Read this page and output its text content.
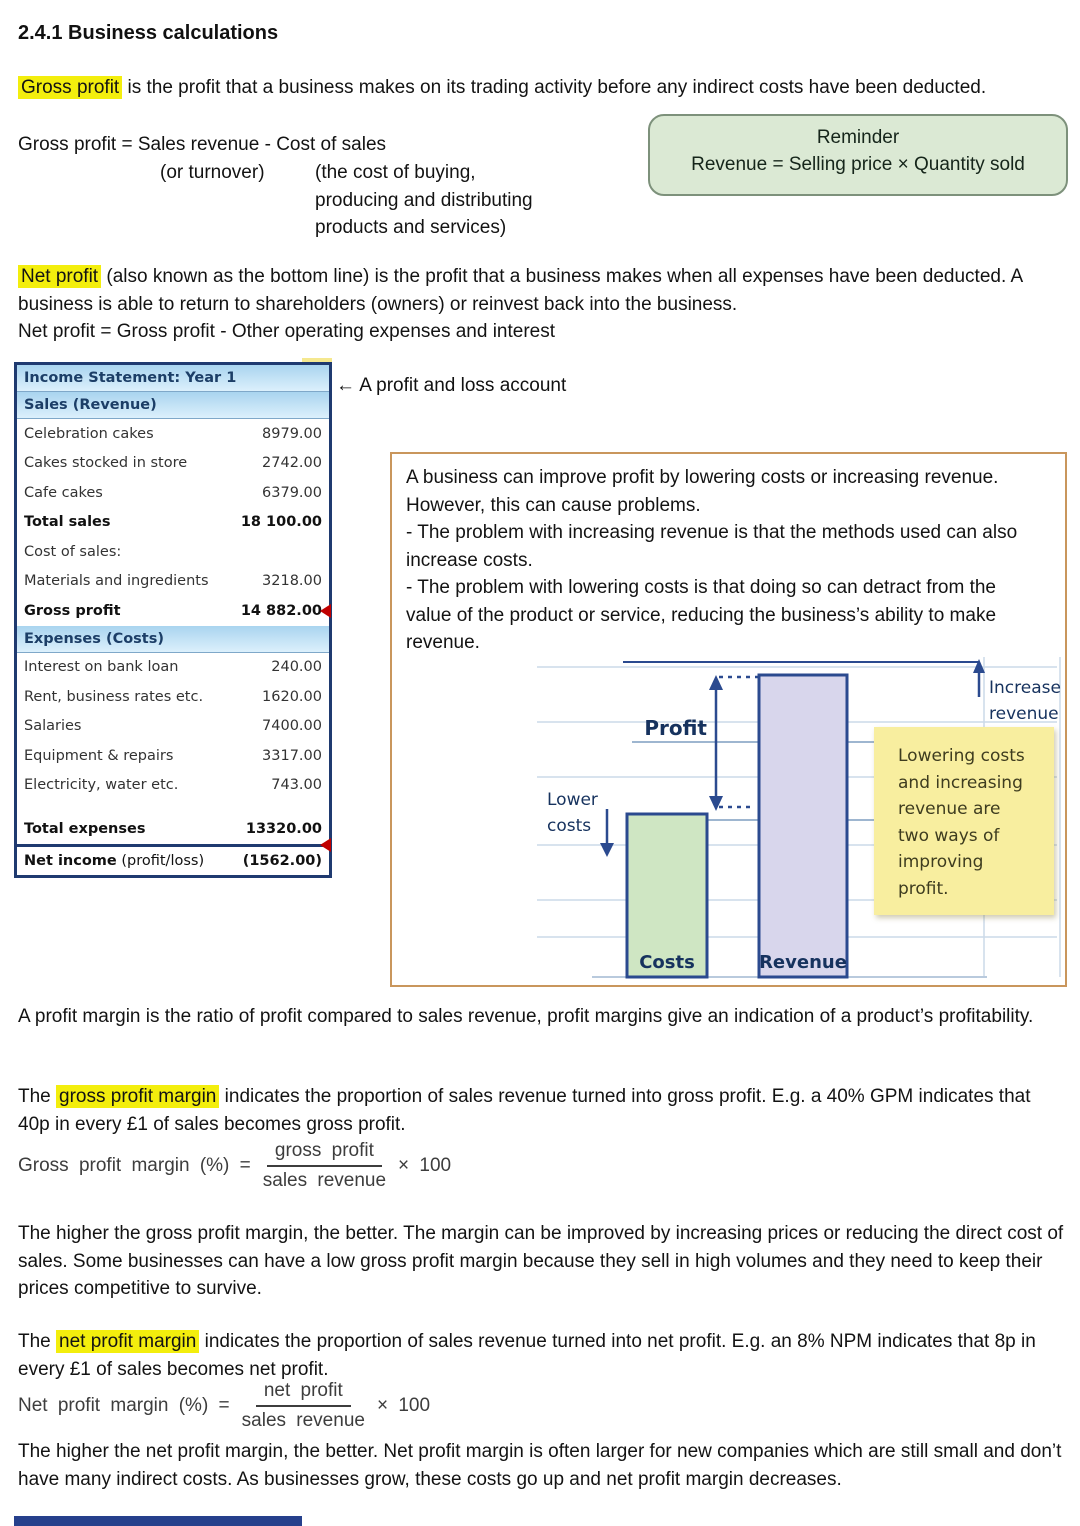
2.4.1 Business calculations
Gross profit is the profit that a business makes on its trading activity before any indirect costs have been deducted.
Gross profit = Sales revenue - Cost of sales
(or turnover)	(the cost of buying,
producing and distributing
products and services)
Reminder
Revenue = Selling price × Quantity sold
Net profit (also known as the bottom line) is the profit that a business makes when all expenses have been deducted. A business is able to return to shareholders (owners) or reinvest back into the business.
Net profit = Gross profit - Other operating expenses and interest
Income Statement: Year 1
Sales (Revenue)
Celebration cakes	8979.00
Cakes stocked in store	2742.00
Cafe cakes	6379.00
Total sales	18 100.00
Cost of sales:
Materials and ingredients	3218.00
Gross profit	14 882.00
Expenses (Costs)
Interest on bank loan	240.00
Rent, business rates etc.	1620.00
Salaries	7400.00
Equipment & repairs	3317.00
Electricity, water etc.	743.00
Total expenses	13320.00
Net income (profit/loss)	(1562.00)
← A profit and loss account
A business can improve profit by lowering costs or increasing revenue. However, this can cause problems.
- The problem with increasing revenue is that the methods used can also increase costs.
- The problem with lowering costs is that doing so can detract from the value of the product or service, reducing the business’s ability to make revenue.
Profit
Lower
costs
Increase
revenue
Costs	Revenue
Lowering costs
and increasing
revenue are
two ways of
improving
profit.
A profit margin is the ratio of profit compared to sales revenue, profit margins give an indication of a product’s profitability.
The gross profit margin indicates the proportion of sales revenue turned into gross profit. E.g. a 40% GPM indicates that 40p in every £1 of sales becomes gross profit.
Gross profit margin (%) = $\frac{\text{gross profit}}{\text{sales revenue}} \times 100$
The higher the gross profit margin, the better. The margin can be improved by increasing prices or reducing the direct cost of sales. Some businesses can have a low gross profit margin because they sell in high volumes and they need to keep their prices competitive to survive.
The net profit margin indicates the proportion of sales revenue turned into net profit. E.g. an 8% NPM indicates that 8p in every £1 of sales becomes net profit.
Net profit margin (%) = $\frac{\text{net profit}}{\text{sales revenue}} \times 100$
The higher the net profit margin, the better. Net profit margin is often larger for new companies which are still small and don’t have many indirect costs. As businesses grow, these costs go up and net profit margin decreases.
